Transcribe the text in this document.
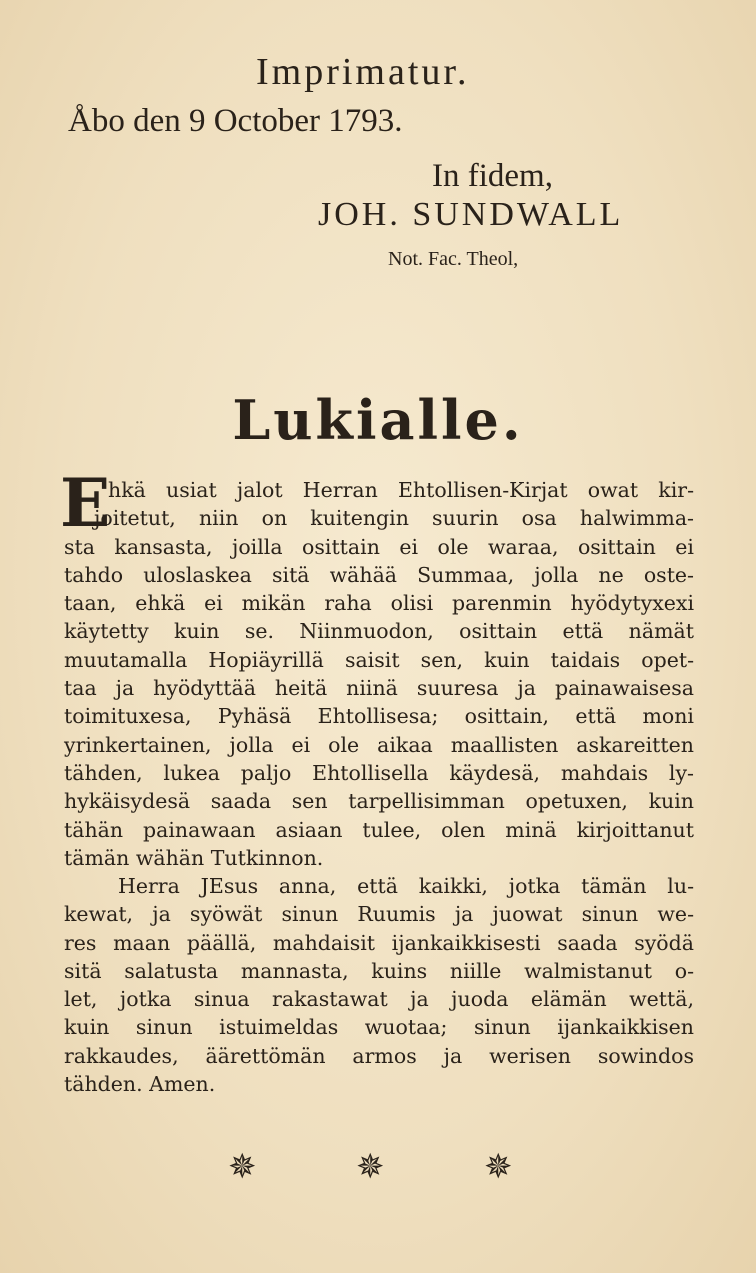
Imprimatur.
Åbo den 9 October 1793.
In fidem,
JOH. SUNDWALL
Not. Fac. Theol,
Lukialle.
E
hkä usiat jalot Herran Ehtollisen-Kirjat owat kir-
joitetut, niin on kuitengin suurin osa halwimma-
sta kansasta, joilla osittain ei ole waraa, osittain ei
tahdo uloslaskea sitä wähää Summaa, jolla ne oste-
taan, ehkä ei mikän raha olisi parenmin hyödytyxexi
käytetty kuin se. Niinmuodon, osittain että nämät
muutamalla Hopiäyrillä saisit sen, kuin taidais opet-
taa ja hyödyttää heitä niinä suuresa ja painawaisesa
toimituxesa, Pyhäsä Ehtollisesa; osittain, että moni
yrinkertainen, jolla ei ole aikaa maallisten askareitten
tähden, lukea paljo Ehtollisella käydesä, mahdais ly-
hykäisydesä saada sen tarpellisimman opetuxen, kuin
tähän painawaan asiaan tulee, olen minä kirjoittanut
tämän wähän Tutkinnon.
Herra JEsus anna, että kaikki, jotka tämän lu-
kewat, ja syöwät sinun Ruumis ja juowat sinun we-
res maan päällä, mahdaisit ijankaikkisesti saada syödä
sitä salatusta mannasta, kuins niille walmistanut o-
let, jotka sinua rakastawat ja juoda elämän wettä,
kuin sinun istuimeldas wuotaa; sinun ijankaikkisen
rakkaudes, äärettömän armos ja werisen sowindos
tähden. Amen.
✵	✵	✵
